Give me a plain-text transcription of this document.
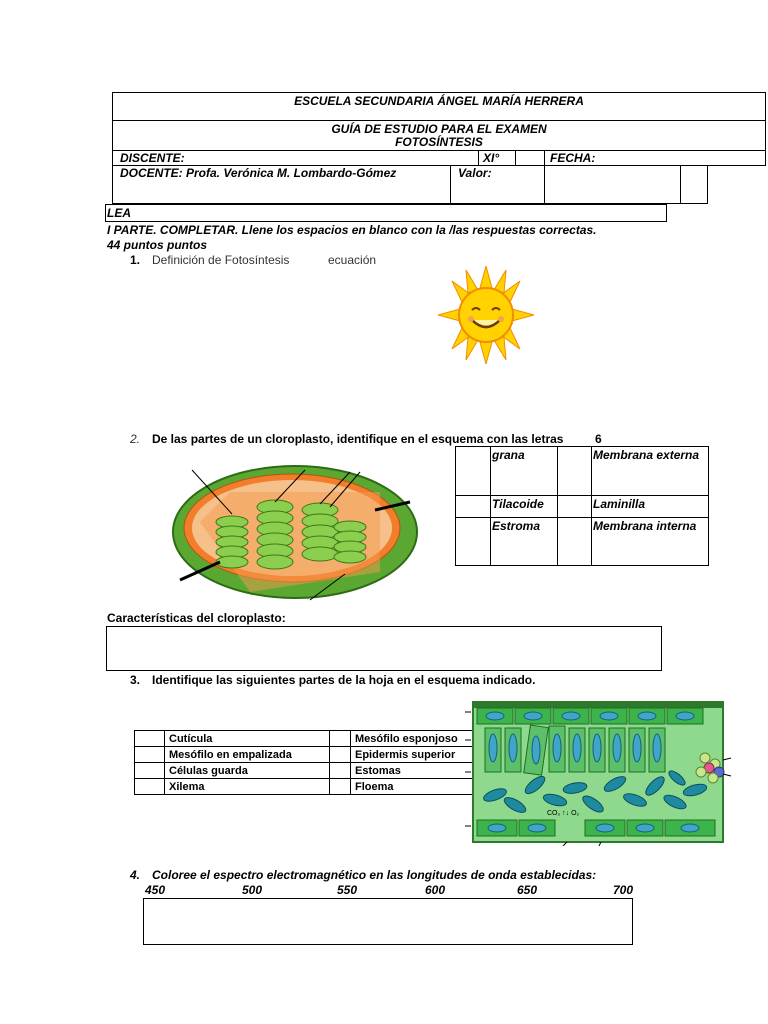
ESCUELA SECUNDARIA ÁNGEL MARÍA HERRERA
GUÍA DE ESTUDIO PARA EL EXAMEN
FOTOSÍNTESIS
DISCENTE:	XI°	FECHA:
DOCENTE: Profa. Verónica M. Lombardo-Gómez	Valor:
LEA
I PARTE. COMPLETAR. Llene los espacios en blanco con la /las respuestas correctas.
44 puntos puntos
1. Definición de Fotosíntesis	ecuación
2. De las partes de un cloroplasto, identifique en el esquema con las letras	6
	grana		Membrana externa
	Tilacoide		Laminilla
	Estroma		Membrana interna
Características del cloroplasto:
3. Identifique las siguientes partes de la hoja en el esquema indicado.
	Cutícula		Mesófilo esponjoso
	Mesófilo en empalizada		Epidermis superior
	Células guarda		Estomas
	Xilema		Floema
CO₂ ↑↓ O₂
4. Coloree el espectro electromagnético en las longitudes de onda establecidas:
450	500	550	600	650	700
